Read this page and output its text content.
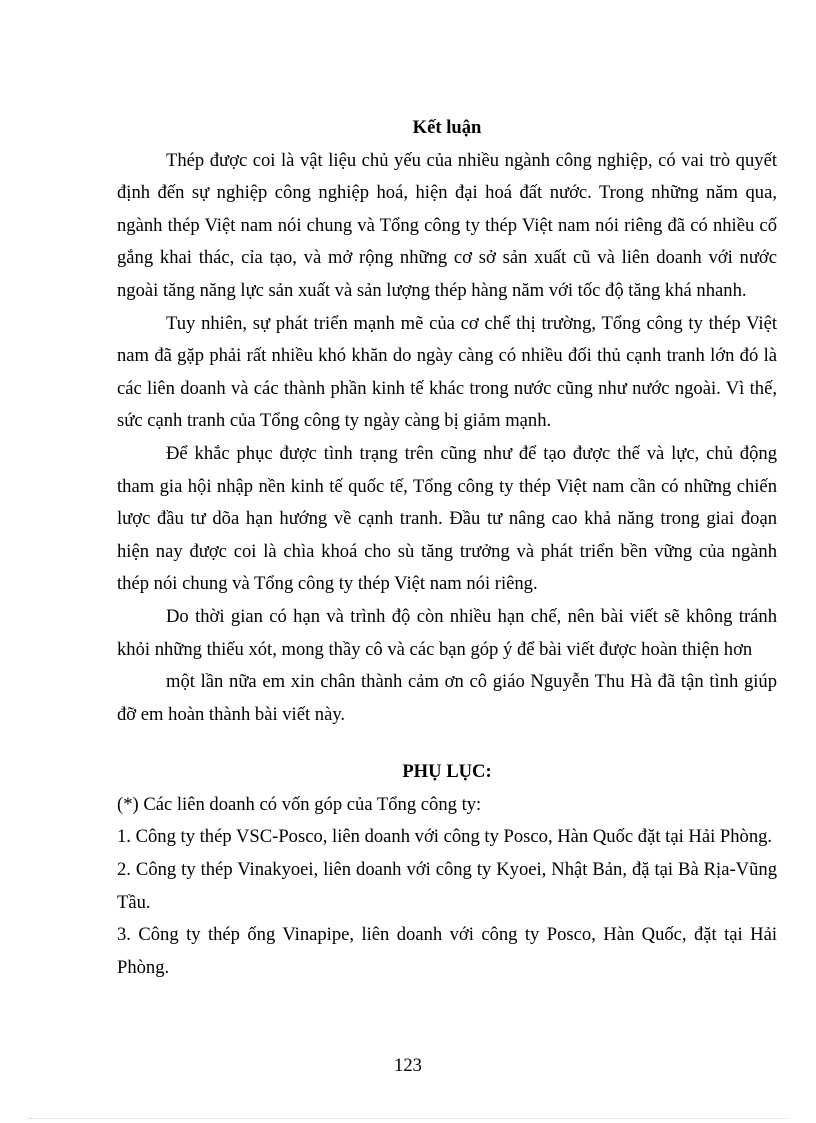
Kết luận

Thép được coi là vật liệu chủ yếu của nhiều ngành công nghiệp, có vai trò quyết định đến sự nghiệp công nghiệp hoá, hiện đại hoá đất nước. Trong những năm qua, ngành thép Việt nam nói chung và Tổng công ty thép Việt nam nói riêng đã có nhiều cố gắng khai thác, cỉa tạo, và mở rộng những cơ sở sản xuất cũ và liên doanh với nước ngoài tăng năng lực sản xuất và sản lượng thép hàng năm với tốc độ tăng khá nhanh.

Tuy nhiên, sự phát triển mạnh mẽ của cơ chế thị trường, Tổng công ty thép Việt nam đã gặp phải rất nhiều khó khăn do ngày càng có nhiều đối thủ cạnh tranh lớn đó là các liên doanh và các thành phần kinh tế khác trong nước cũng như nước ngoài. Vì thế, sức cạnh tranh của Tổng công ty ngày càng bị giảm mạnh.

Để khắc phục được tình trạng trên cũng như để tạo được thế và lực, chủ động tham gia hội nhập nền kinh tế quốc tế, Tổng công ty thép Việt nam cần có những chiến lược đầu tư dõa hạn hướng về cạnh tranh. Đầu tư nâng cao khả năng trong giai đoạn hiện nay được coi là chìa khoá cho sù tăng trưởng và phát triển bền vững của ngành thép nói chung và Tổng công ty thép Việt nam nói riêng.

Do thời gian có hạn và trình độ còn nhiều hạn chế, nên bài viết sẽ không tránh khỏi những thiếu xót, mong thầy cô và các bạn góp ý để bài viết được hoàn thiện hơn

một lần nữa em xin chân thành cảm ơn cô giáo Nguyễn Thu Hà đã tận tình giúp đỡ em hoàn thành bài viết này.

PHỤ LỤC:

(*) Các liên doanh có vốn góp của Tổng công ty:

1. Công ty thép VSC-Posco, liên doanh với công ty Posco, Hàn Quốc đặt tại Hải Phòng.

2. Công ty thép Vinakyoei, liên doanh với công ty Kyoei, Nhật Bản, đặ tại Bà Rịa-Vũng Tầu.

3. Công ty thép ống Vinapipe, liên doanh với công ty Posco, Hàn Quốc, đặt tại Hải Phòng.

123
